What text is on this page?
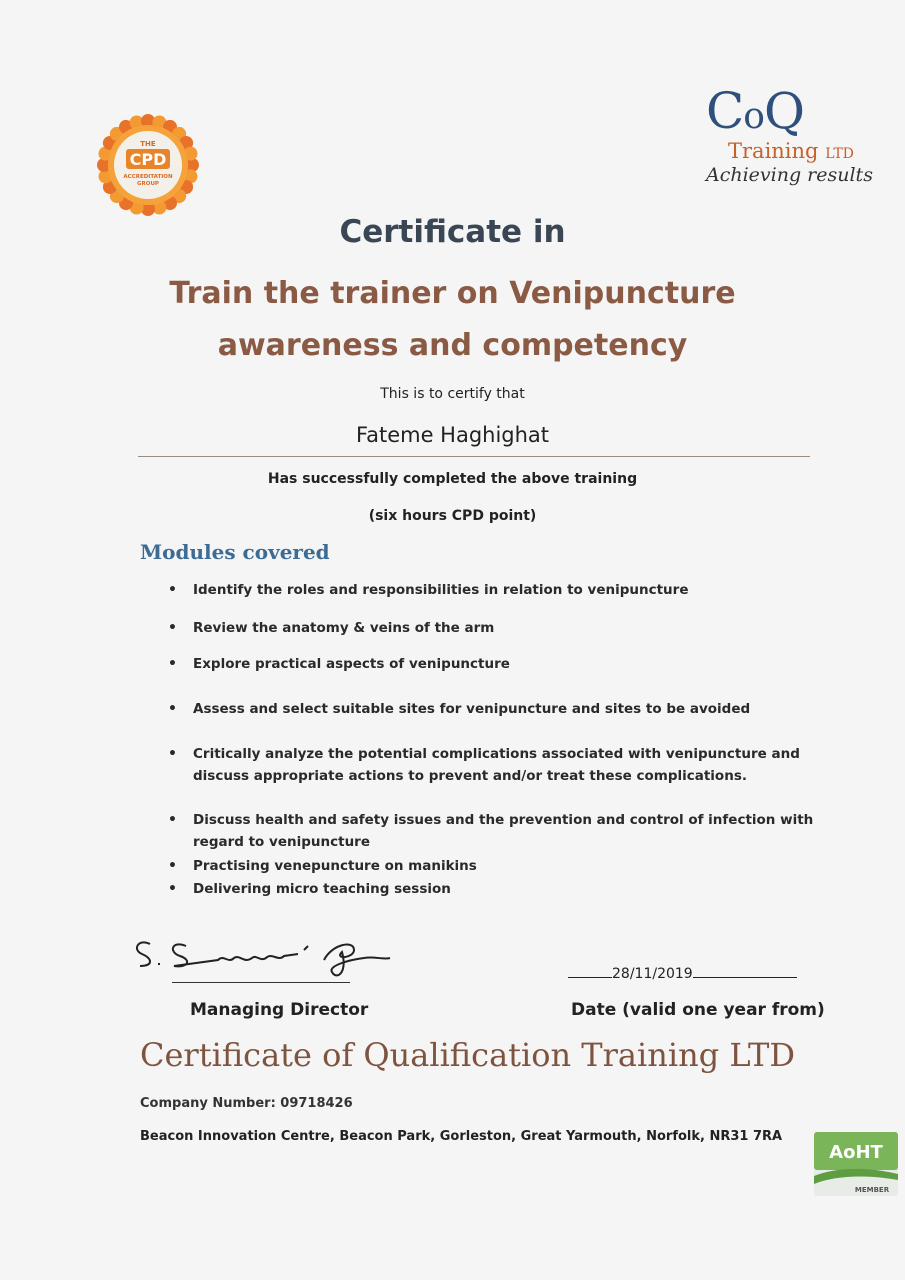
THE
CPD
ACCREDITATION
GROUP
CoQ
Training LTD
Achieving results
Certificate in
Train the trainer on Venipuncture
awareness and competency
This is to certify that
Fateme Haghighat
Has successfully completed the above training
(six hours CPD point)
Modules covered
• Identify the roles and responsibilities in relation to venipuncture
• Review the anatomy & veins of the arm
• Explore practical aspects of venipuncture
• Assess and select suitable sites for venipuncture and sites to be avoided
• Critically analyze the potential complications associated with venipuncture and discuss appropriate actions to prevent and/or treat these complications.
• Discuss health and safety issues and the prevention and control of infection with regard to venipuncture
• Practising venepuncture on manikins
• Delivering micro teaching session
Managing Director
28/11/2019
Date (valid one year from)
Certificate of Qualification Training LTD
Company Number: 09718426
Beacon Innovation Centre, Beacon Park, Gorleston, Great Yarmouth, Norfolk, NR31 7RA
AoHT
MEMBER
